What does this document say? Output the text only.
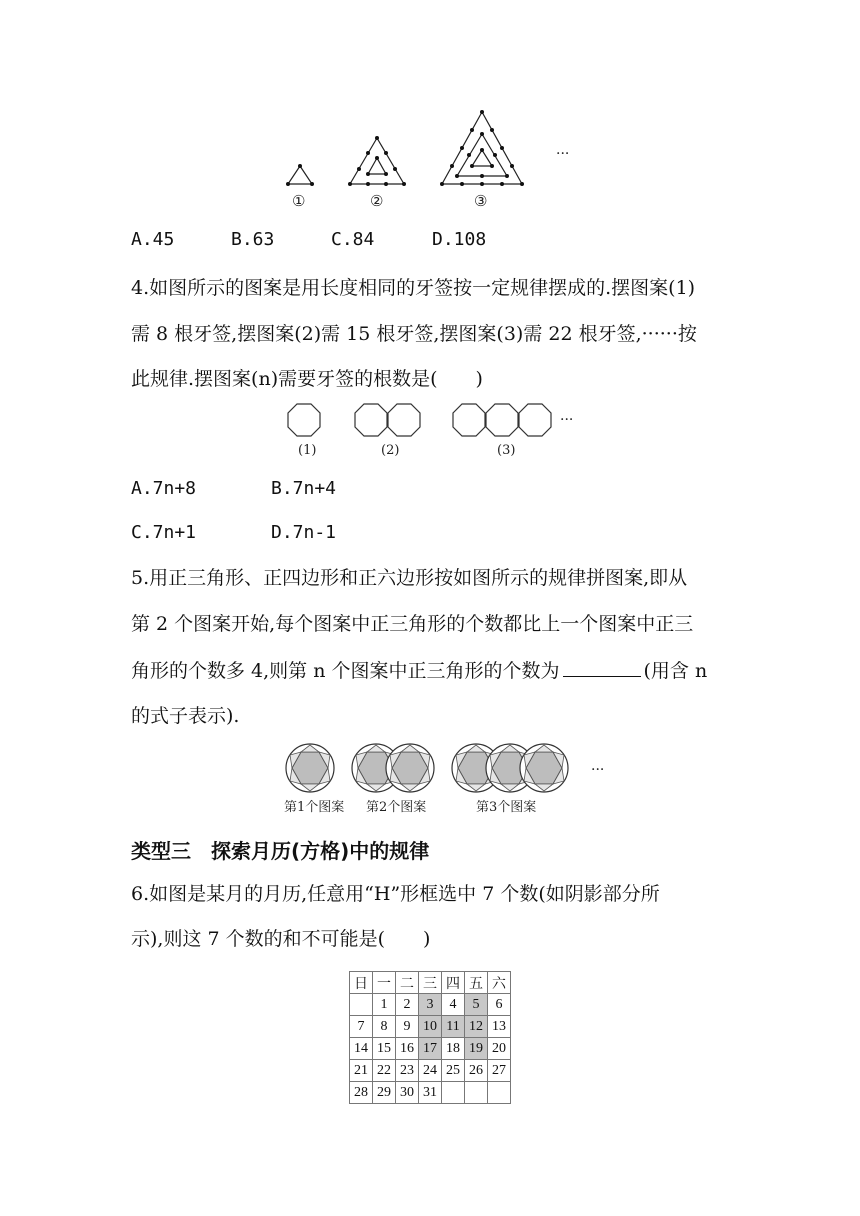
①	②	③
···
A.45	B.63	C.84	D.108
4.如图所示的图案是用长度相同的牙签按一定规律摆成的.摆图案(1)
需 8 根牙签,摆图案(2)需 15 根牙签,摆图案(3)需 22 根牙签,······按
此规律.摆图案(n)需要牙签的根数是(　　)
(1)	(2)	(3)
···
A.7n+8	B.7n+4
C.7n+1	D.7n-1
5.用正三角形、正四边形和正六边形按如图所示的规律拼图案,即从
第 2 个图案开始,每个图案中正三角形的个数都比上一个图案中正三
角形的个数多 4,则第 n 个图案中正三角形的个数为	(用含 n
的式子表示).
第1个图案 第2个图案	第3个图案
···
类型三　探索月历(方格)中的规律
6.如图是某月的月历,任意用“H”形框选中 7 个数(如阴影部分所
示),则这 7 个数的和不可能是(　　)
日	一	二	三	四	五	六
	1	2	3	4	5	6
7	8	9	10	11	12	13
14	15	16	17	18	19	20
21	22	23	24	25	26	27
28	29	30	31			
